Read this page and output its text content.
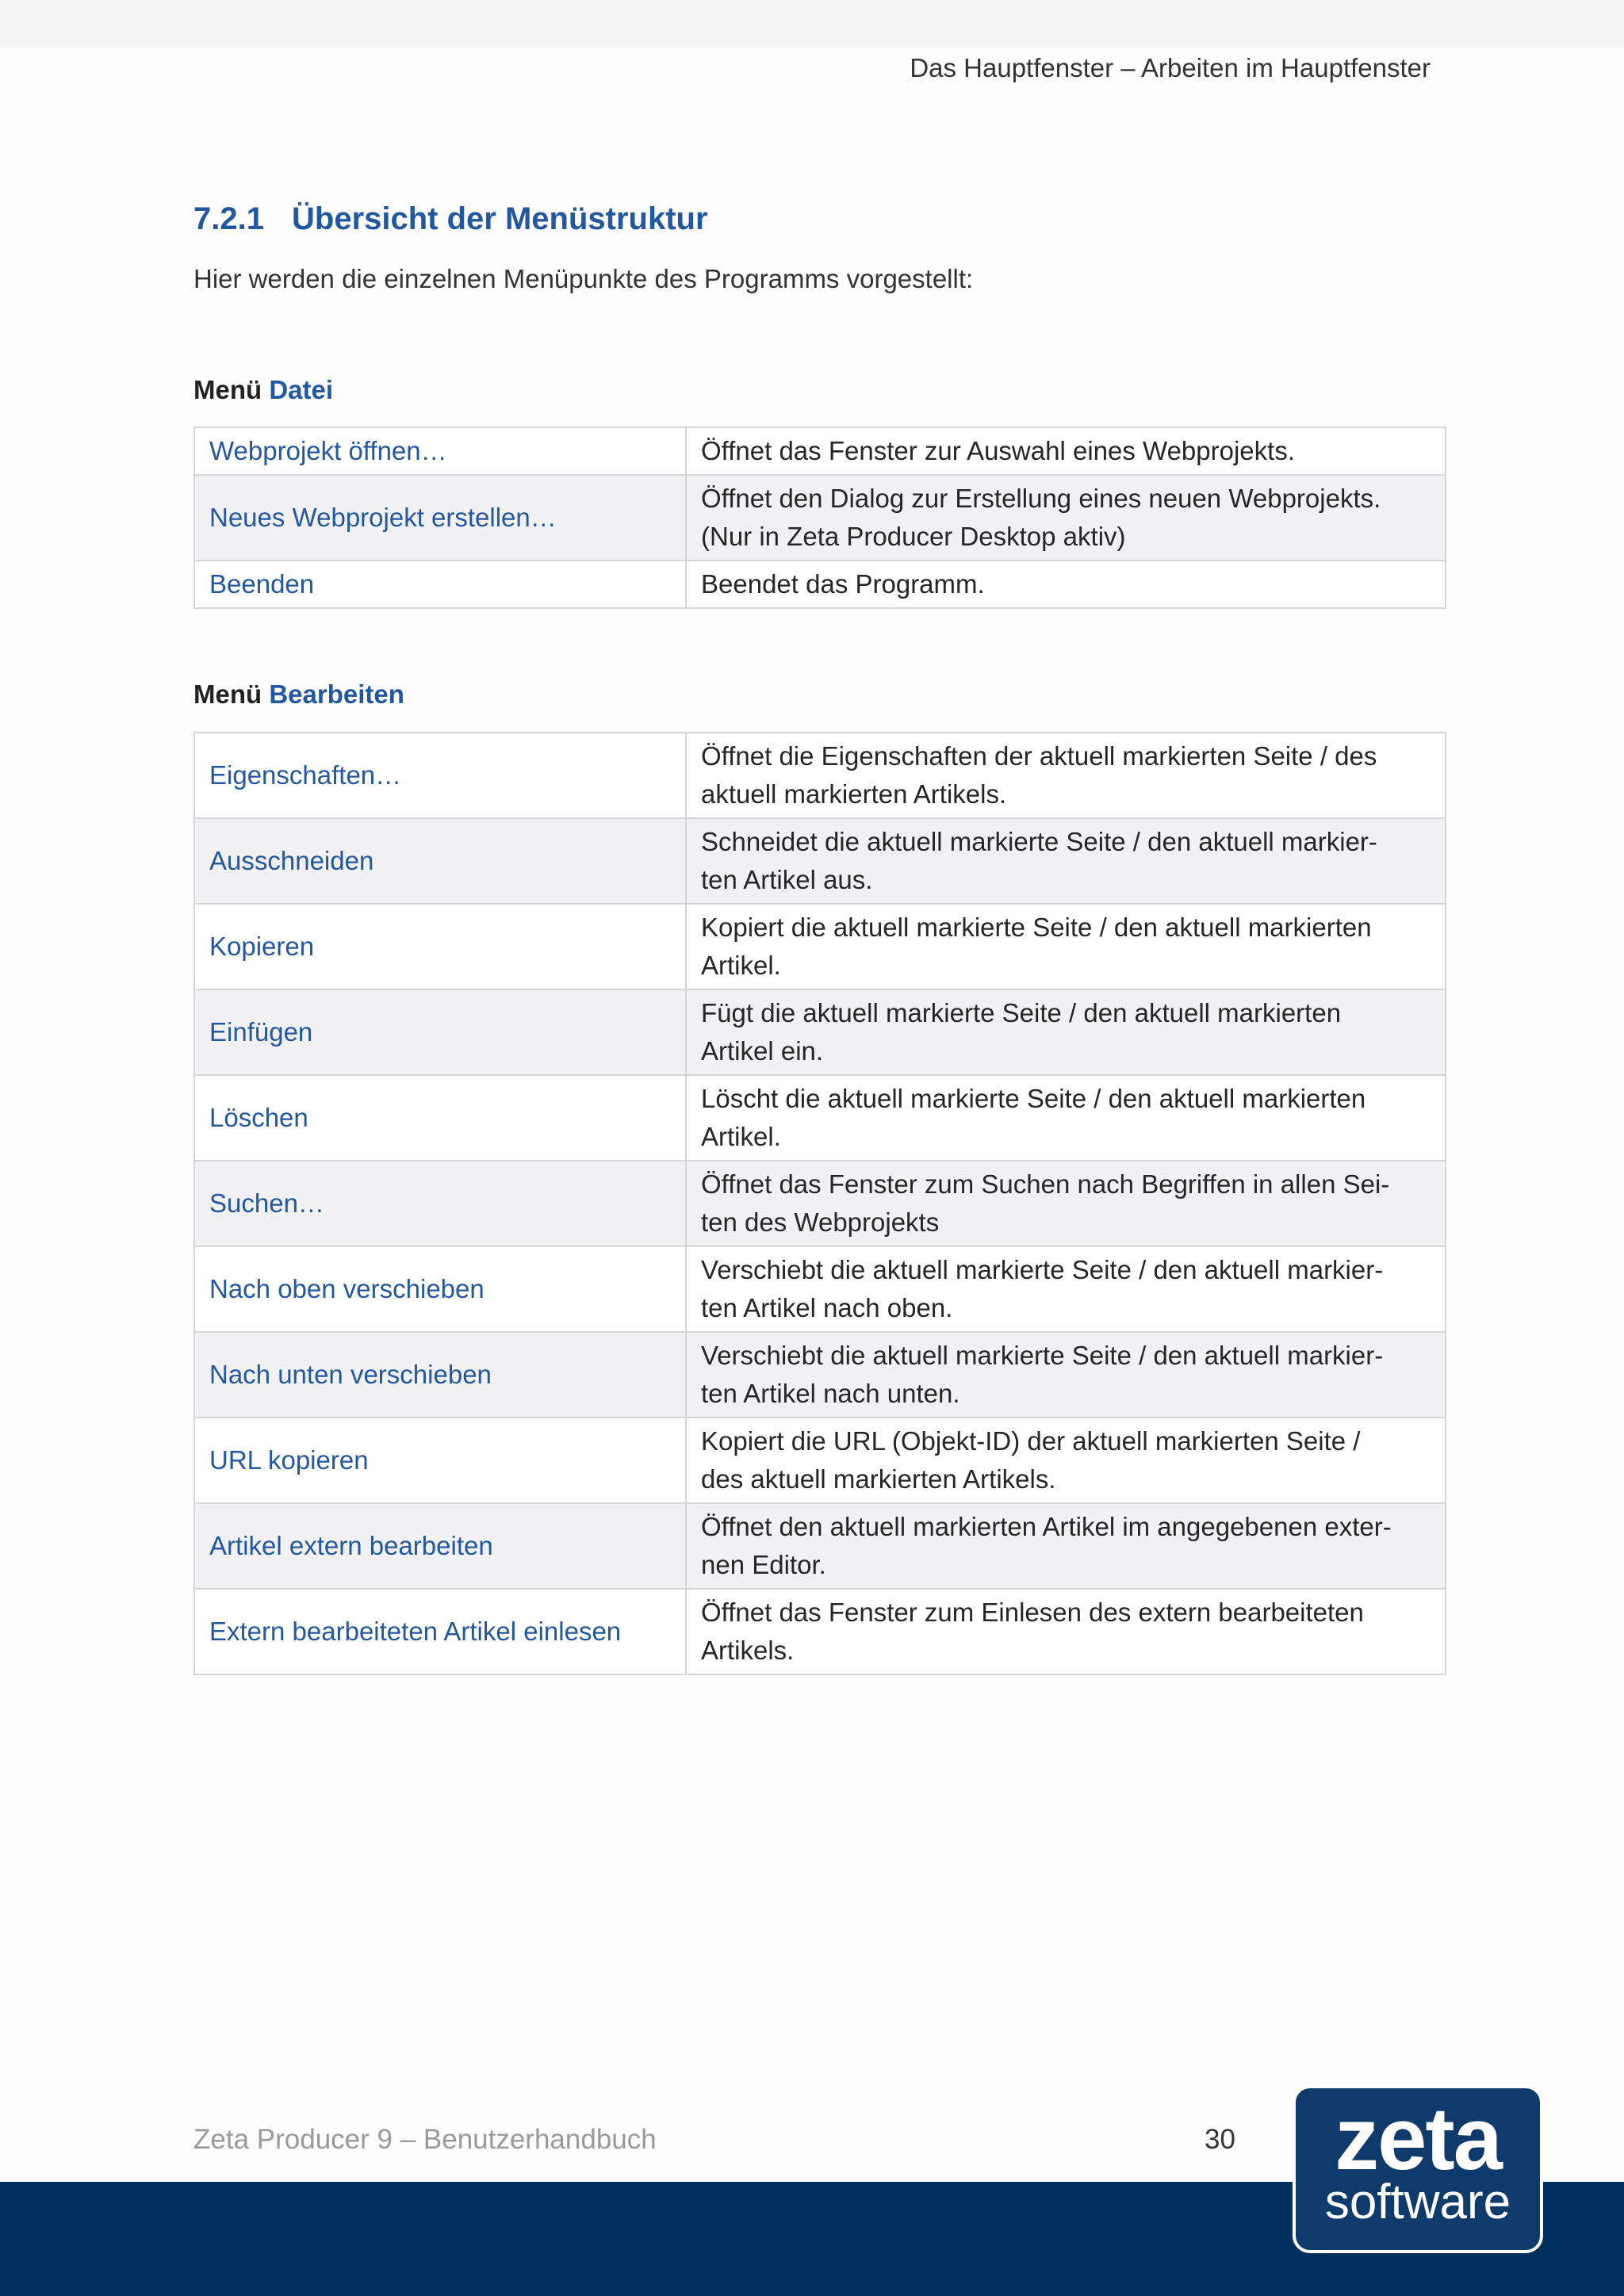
Das Hauptfenster – Arbeiten im Hauptfenster
7.2.1 Übersicht der Menüstruktur
Hier werden die einzelnen Menüpunkte des Programms vorgestellt:
Menü Datei
Webprojekt öffnen…	Öffnet das Fenster zur Auswahl eines Webprojekts.
Neues Webprojekt erstellen…	Öffnet den Dialog zur Erstellung eines neuen Webprojekts.
(Nur in Zeta Producer Desktop aktiv)
Beenden	Beendet das Programm.
Menü Bearbeiten
Eigenschaften…	Öffnet die Eigenschaften der aktuell markierten Seite / des
aktuell markierten Artikels.
Ausschneiden	Schneidet die aktuell markierte Seite / den aktuell markier-
ten Artikel aus.
Kopieren	Kopiert die aktuell markierte Seite / den aktuell markierten
Artikel.
Einfügen	Fügt die aktuell markierte Seite / den aktuell markierten
Artikel ein.
Löschen	Löscht die aktuell markierte Seite / den aktuell markierten
Artikel.
Suchen…	Öffnet das Fenster zum Suchen nach Begriffen in allen Sei-
ten des Webprojekts
Nach oben verschieben	Verschiebt die aktuell markierte Seite / den aktuell markier-
ten Artikel nach oben.
Nach unten verschieben	Verschiebt die aktuell markierte Seite / den aktuell markier-
ten Artikel nach unten.
URL kopieren	Kopiert die URL (Objekt-ID) der aktuell markierten Seite /
des aktuell markierten Artikels.
Artikel extern bearbeiten	Öffnet den aktuell markierten Artikel im angegebenen exter-
nen Editor.
Extern bearbeiteten Artikel einlesen	Öffnet das Fenster zum Einlesen des extern bearbeiteten
Artikels.
Zeta Producer 9 – Benutzerhandbuch	30	zeta
software
